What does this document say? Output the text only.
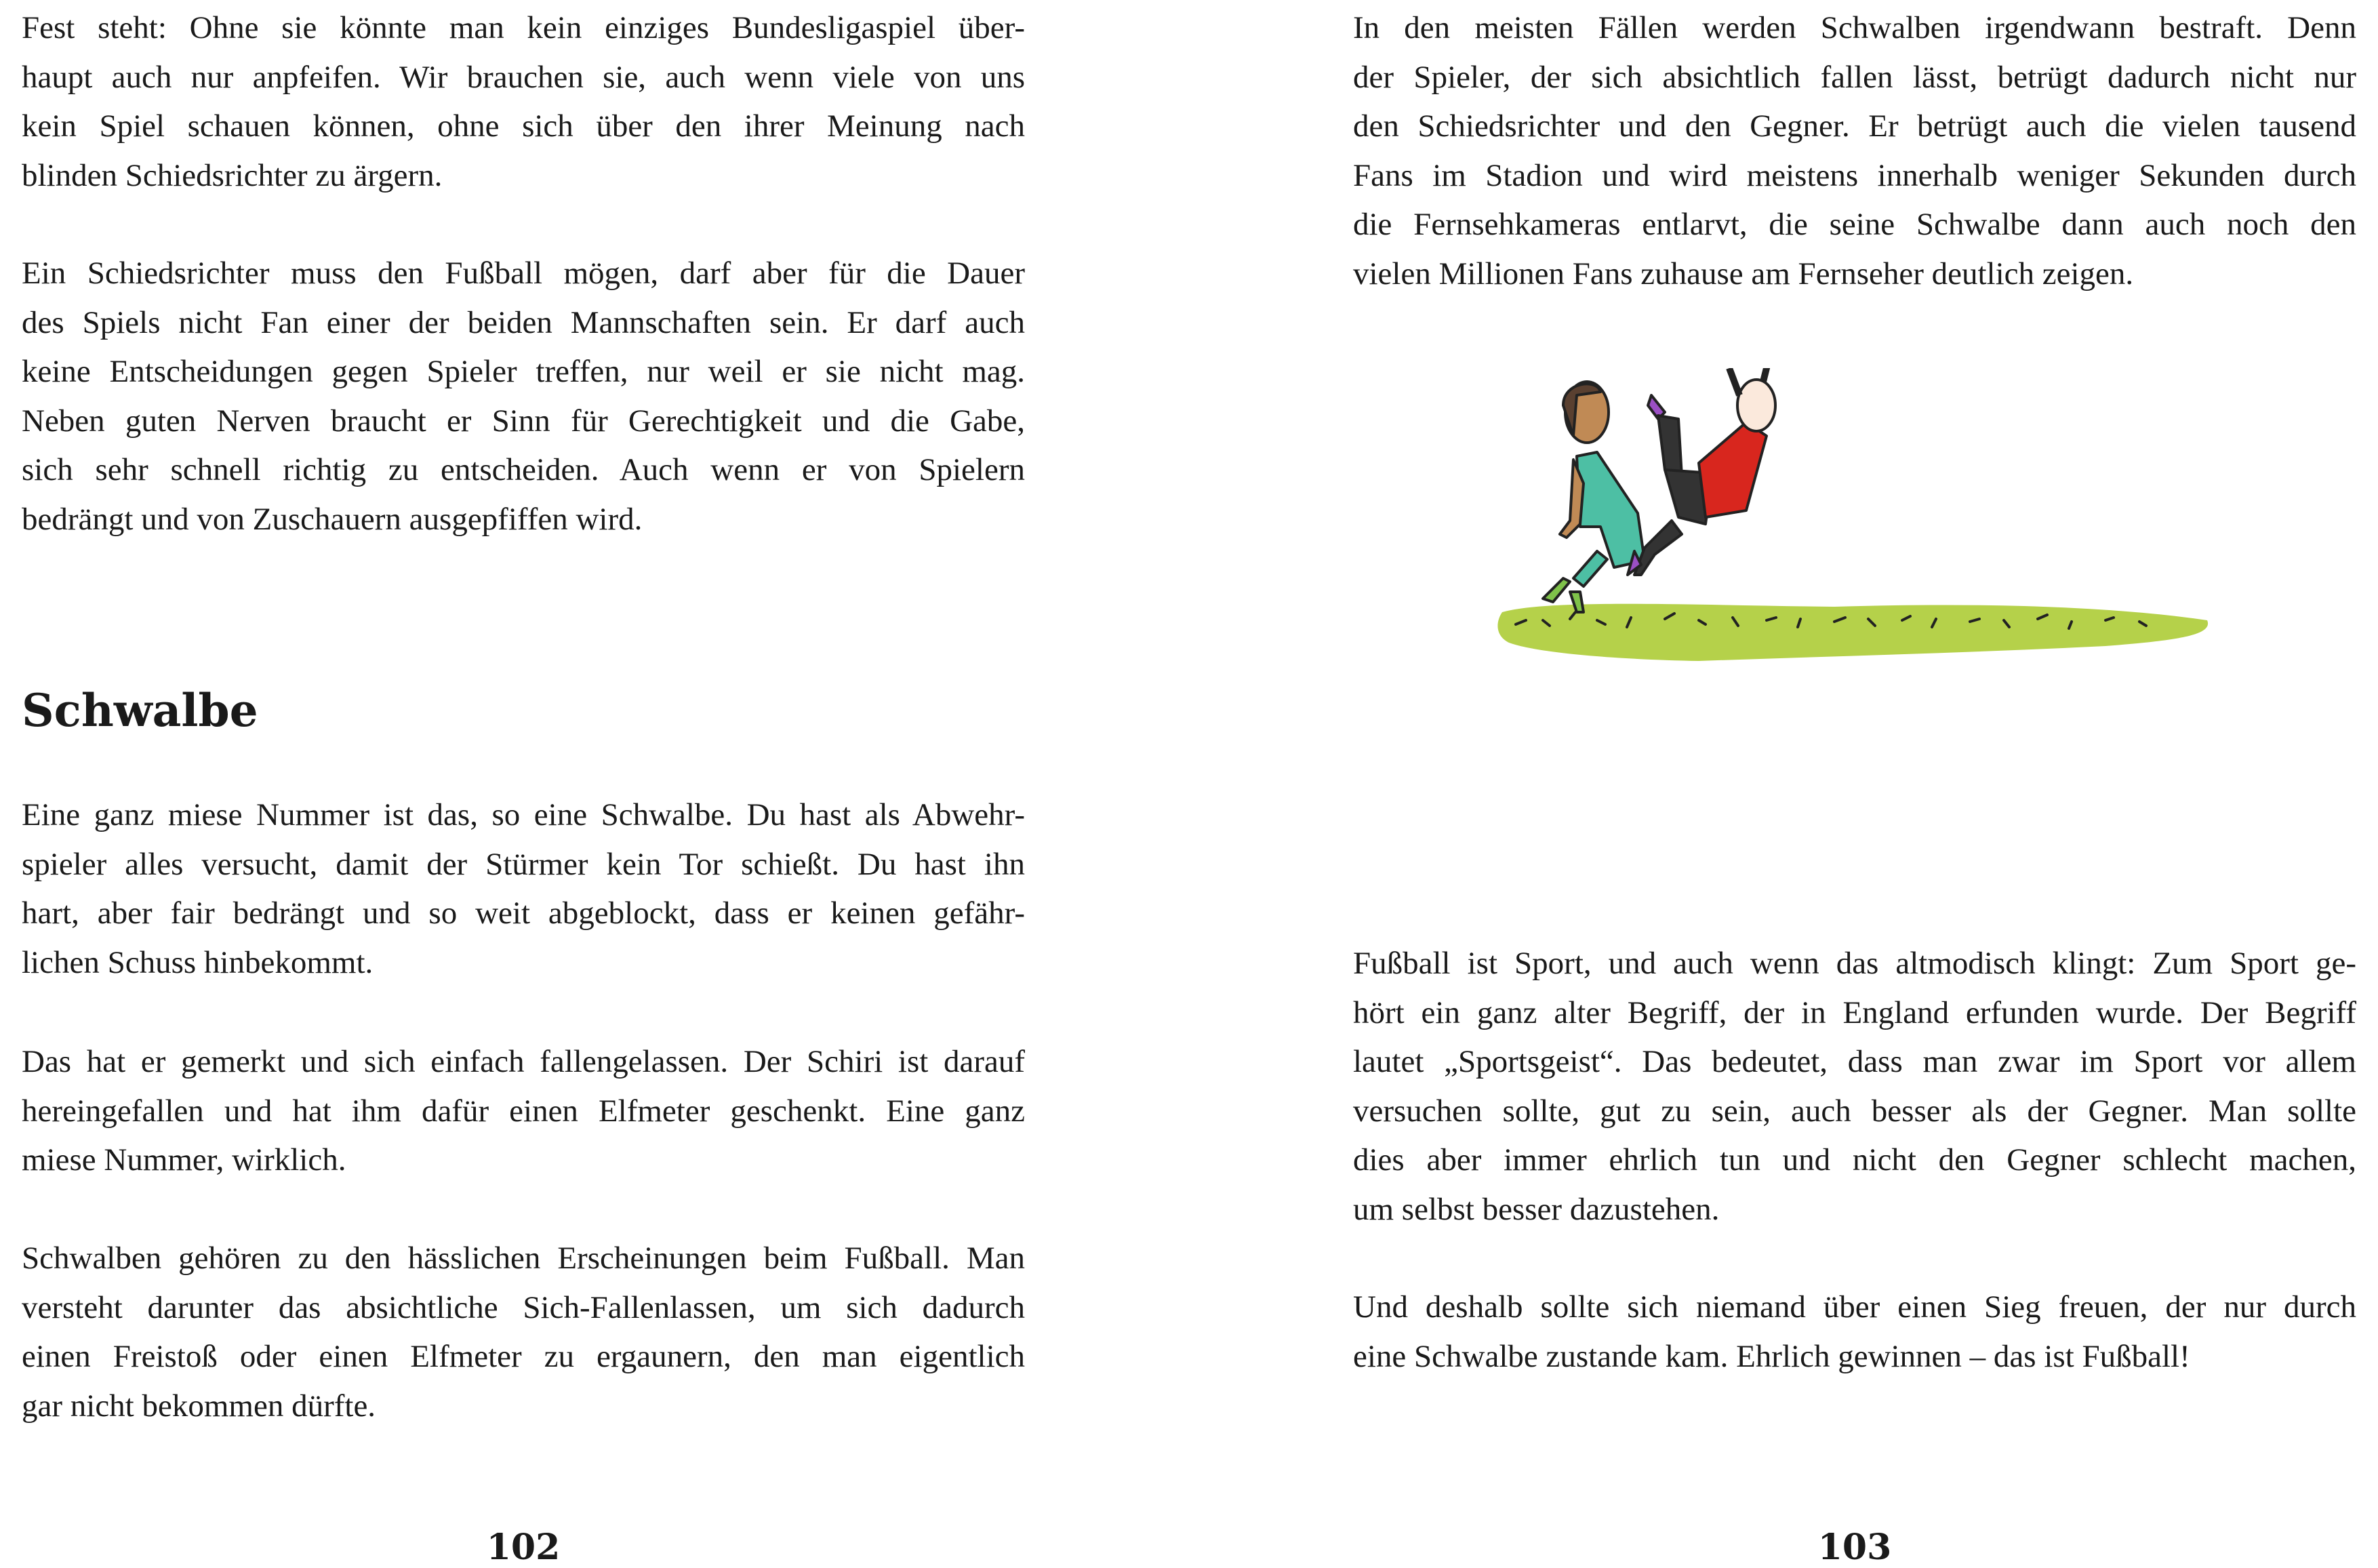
Fest steht: Ohne sie könnte man kein einziges Bundesligaspiel über-
haupt auch nur anpfeifen. Wir brauchen sie, auch wenn viele von uns
kein Spiel schauen können, ohne sich über den ihrer Meinung nach
blinden Schiedsrichter zu ärgern.
Ein Schiedsrichter muss den Fußball mögen, darf aber für die Dauer
des Spiels nicht Fan einer der beiden Mannschaften sein. Er darf auch
keine Entscheidungen gegen Spieler treffen, nur weil er sie nicht mag.
Neben guten Nerven braucht er Sinn für Gerechtigkeit und die Gabe,
sich sehr schnell richtig zu entscheiden. Auch wenn er von Spielern
bedrängt und von Zuschauern ausgepfiffen wird.
Schwalbe
Eine ganz miese Nummer ist das, so eine Schwalbe. Du hast als Abwehr-
spieler alles versucht, damit der Stürmer kein Tor schießt. Du hast ihn
hart, aber fair bedrängt und so weit abgeblockt, dass er keinen gefähr-
lichen Schuss hinbekommt.
Das hat er gemerkt und sich einfach fallengelassen. Der Schiri ist darauf
hereingefallen und hat ihm dafür einen Elfmeter geschenkt. Eine ganz
miese Nummer, wirklich.
Schwalben gehören zu den hässlichen Erscheinungen beim Fußball. Man
versteht darunter das absichtliche Sich-Fallenlassen, um sich dadurch
einen Freistoß oder einen Elfmeter zu ergaunern, den man eigentlich
gar nicht bekommen dürfte.
102
In den meisten Fällen werden Schwalben irgendwann bestraft. Denn
der Spieler, der sich absichtlich fallen lässt, betrügt dadurch nicht nur
den Schiedsrichter und den Gegner. Er betrügt auch die vielen tausend
Fans im Stadion und wird meistens innerhalb weniger Sekunden durch
die Fernsehkameras entlarvt, die seine Schwalbe dann auch noch den
vielen Millionen Fans zuhause am Fernseher deutlich zeigen.
Fußball ist Sport, und auch wenn das altmodisch klingt: Zum Sport ge-
hört ein ganz alter Begriff, der in England erfunden wurde. Der Begriff
lautet „Sportsgeist“. Das bedeutet, dass man zwar im Sport vor allem
versuchen sollte, gut zu sein, auch besser als der Gegner. Man sollte
dies aber immer ehrlich tun und nicht den Gegner schlecht machen,
um selbst besser dazustehen.
Und deshalb sollte sich niemand über einen Sieg freuen, der nur durch
eine Schwalbe zustande kam. Ehrlich gewinnen – das ist Fußball!
103
